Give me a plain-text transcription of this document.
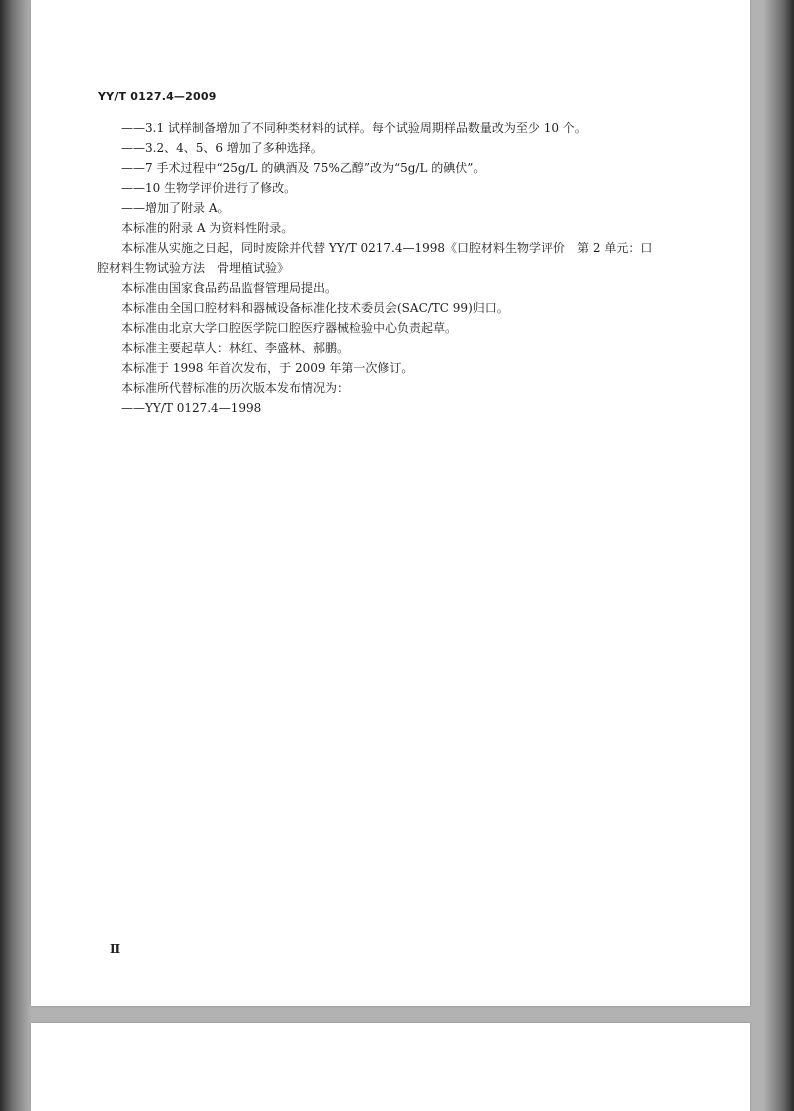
YY/T 0127.4—2009
——3.1 试样制备增加了不同种类材料的试样。每个试验周期样品数量改为至少 10 个。
——3.2、4、5、6 增加了多种选择。
——7 手术过程中“25g/L 的碘酒及 75%乙醇”改为“5g/L 的碘伏”。
——10 生物学评价进行了修改。
——增加了附录 A。
本标准的附录 A 为资料性附录。
本标准从实施之日起，同时废除并代替 YY/T 0217.4—1998《口腔材料生物学评价　第 2 单元：口
腔材料生物试验方法　骨埋植试验》
本标准由国家食品药品监督管理局提出。
本标准由全国口腔材料和器械设备标准化技术委员会(SAC/TC 99)归口。
本标准由北京大学口腔医学院口腔医疗器械检验中心负责起草。
本标准主要起草人：林红、李盛林、郝鹏。
本标准于 1998 年首次发布，于 2009 年第一次修订。
本标准所代替标准的历次版本发布情况为：
——YY/T 0127.4—1998
Ⅱ
